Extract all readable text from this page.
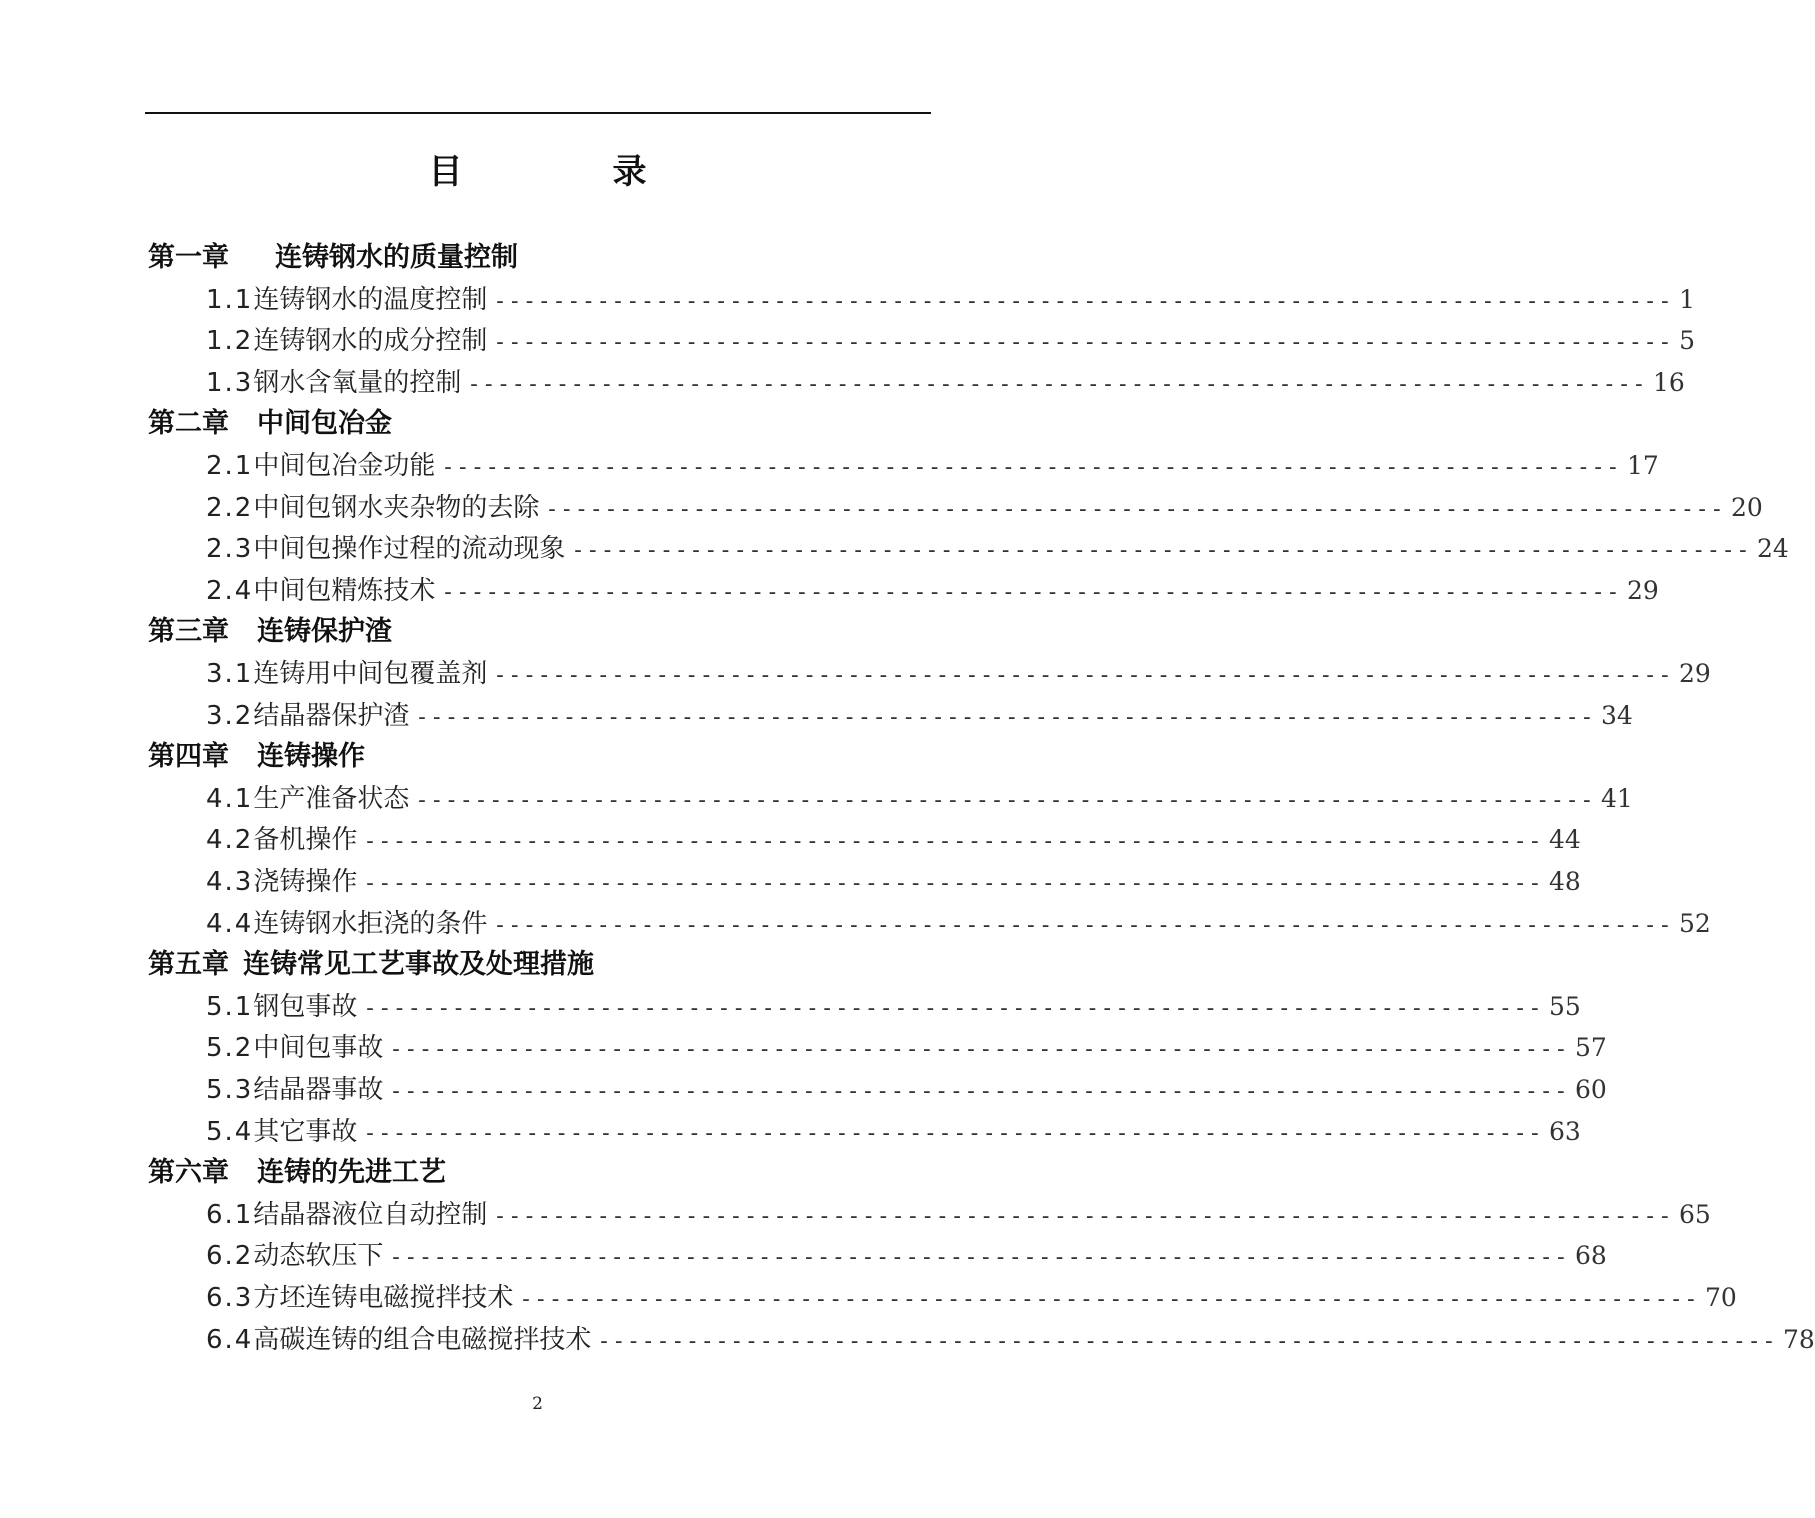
目　录
第一章 连铸钢水的质量控制
1.1 连铸钢水的温度控制 -------------------------------------------------------------------------------- 1
1.2 连铸钢水的成分控制 -------------------------------------------------------------------------------- 5
1.3 钢水含氧量的控制 -------------------------------------------------------------------------------- 16
第二章 中间包冶金
2.1 中间包冶金功能 -------------------------------------------------------------------------------- 17
2.2 中间包钢水夹杂物的去除 -------------------------------------------------------------------------------- 20
2.3 中间包操作过程的流动现象 -------------------------------------------------------------------------------- 24
2.4 中间包精炼技术 -------------------------------------------------------------------------------- 29
第三章 连铸保护渣
3.1 连铸用中间包覆盖剂 -------------------------------------------------------------------------------- 29
3.2 结晶器保护渣 -------------------------------------------------------------------------------- 34
第四章 连铸操作
4.1 生产准备状态 -------------------------------------------------------------------------------- 41
4.2 备机操作 -------------------------------------------------------------------------------- 44
4.3 浇铸操作 -------------------------------------------------------------------------------- 48
4.4 连铸钢水拒浇的条件 -------------------------------------------------------------------------------- 52
第五章 连铸常见工艺事故及处理措施
5.1 钢包事故 -------------------------------------------------------------------------------- 55
5.2 中间包事故 -------------------------------------------------------------------------------- 57
5.3 结晶器事故 -------------------------------------------------------------------------------- 60
5.4 其它事故 -------------------------------------------------------------------------------- 63
第六章 连铸的先进工艺
6.1 结晶器液位自动控制 -------------------------------------------------------------------------------- 65
6.2 动态软压下 -------------------------------------------------------------------------------- 68
6.3 方坯连铸电磁搅拌技术 -------------------------------------------------------------------------------- 70
6.4 高碳连铸的组合电磁搅拌技术 -------------------------------------------------------------------------------- 78
2
